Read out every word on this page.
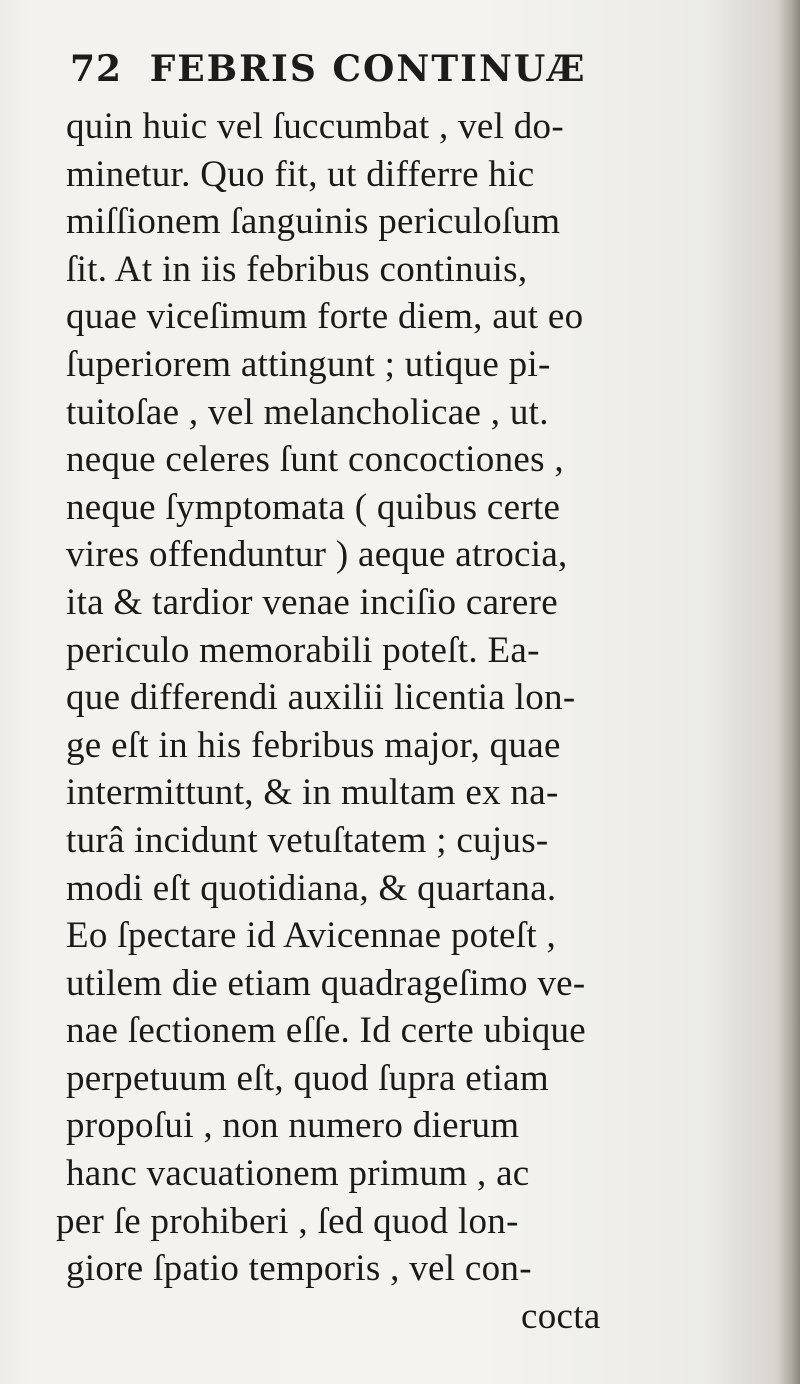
72 FEBRIS CONTINUÆ
quin huic vel ſuccumbat , vel do-
minetur. Quo fit, ut differre hic
miſſionem ſanguinis periculoſum
ſit. At in iis febribus continuis,
quae viceſimum forte diem, aut eo
ſuperiorem attingunt ; utique pi-
tuitoſae , vel melancholicae , ut.
neque celeres ſunt concoctiones ,
neque ſymptomata ( quibus certe
vires offenduntur ) aeque atrocia,
ita & tardior venae inciſio carere
periculo memorabili poteſt. Ea-
que differendi auxilii licentia lon-
ge eſt in his febribus major, quae
intermittunt, & in multam ex na-
turâ incidunt vetuſtatem ; cujus-
modi eſt quotidiana, & quartana.
Eo ſpectare id Avicennae poteſt ,
utilem die etiam quadrageſimo ve-
nae ſectionem eſſe. Id certe ubique
perpetuum eſt, quod ſupra etiam
propoſui , non numero dierum
hanc vacuationem primum , ac
per ſe prohiberi , ſed quod lon-
giore ſpatio temporis , vel con-
cocta
